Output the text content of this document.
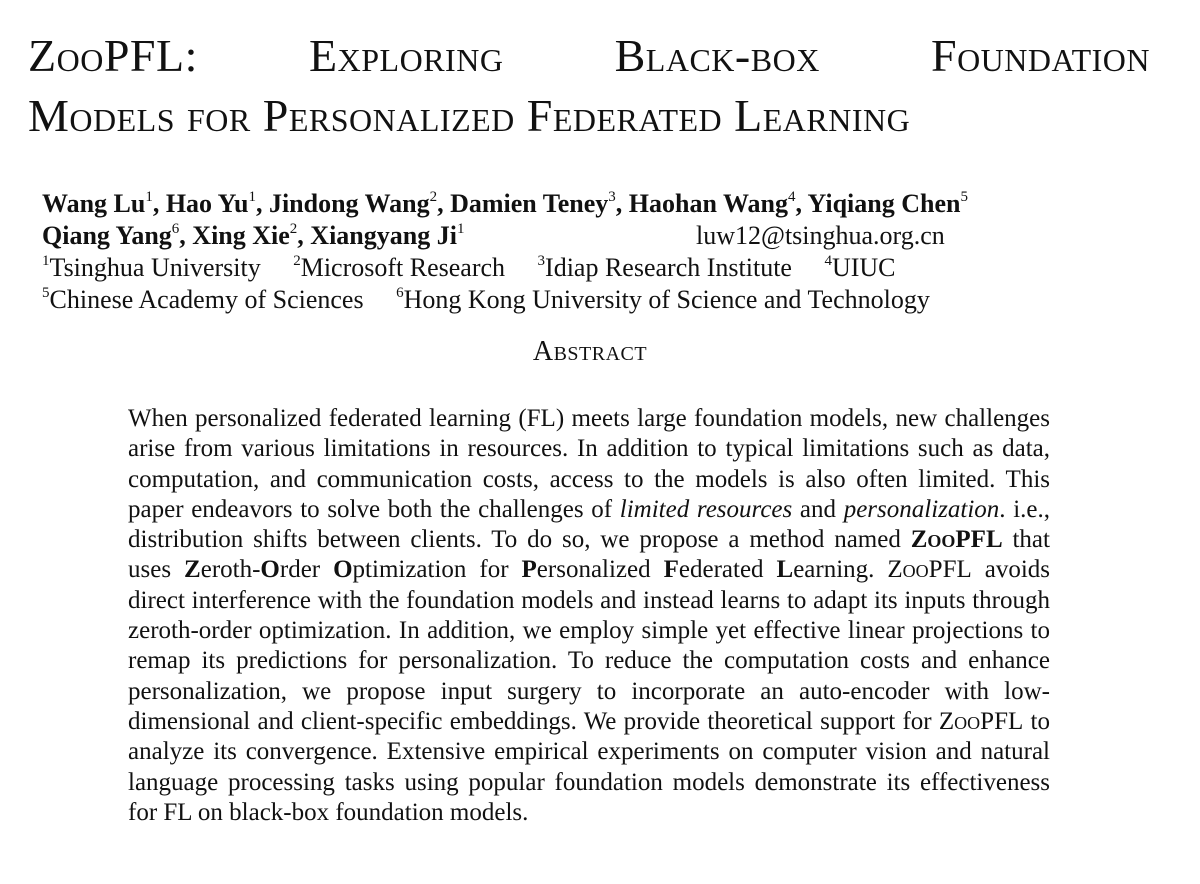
ZooPFL: Exploring Black-box Foundation
Models for Personalized Federated Learning
Wang Lu$^1$, Hao Yu$^1$, Jindong Wang$^2$, Damien Teney$^3$, Haohan Wang$^4$, Yiqiang Chen$^5$
Qiang Yang$^6$, Xing Xie$^2$, Xiangyang Ji$^1$	luw12@tsinghua.org.cn
$^1$Tsinghua University $^2$Microsoft Research $^3$Idiap Research Institute $^4$UIUC
$^5$Chinese Academy of Sciences $^6$Hong Kong University of Science and Technology
Abstract

When personalized federated learning (FL) meets large foundation models, new challenges arise from various limitations in resources. In addition to typical limitations such as data, computation, and communication costs, access to the models is also often limited. This paper endeavors to solve both the challenges of limited resources and personalization. i.e., distribution shifts between clients. To do so, we propose a method named ZooPFL that uses Zeroth-Order Optimization for Personalized Federated Learning. ZooPFL avoids direct interference with the foundation models and instead learns to adapt its inputs through zeroth-order optimization. In addition, we employ simple yet effective linear projections to remap its predictions for personalization. To reduce the computation costs and enhance personalization, we propose input surgery to incorporate an auto-encoder with low-dimensional and client-specific embeddings. We provide theoretical support for ZooPFL to analyze its convergence. Extensive empirical experiments on computer vision and natural language processing tasks using popular foundation models demonstrate its effectiveness for FL on black-box foundation models.
